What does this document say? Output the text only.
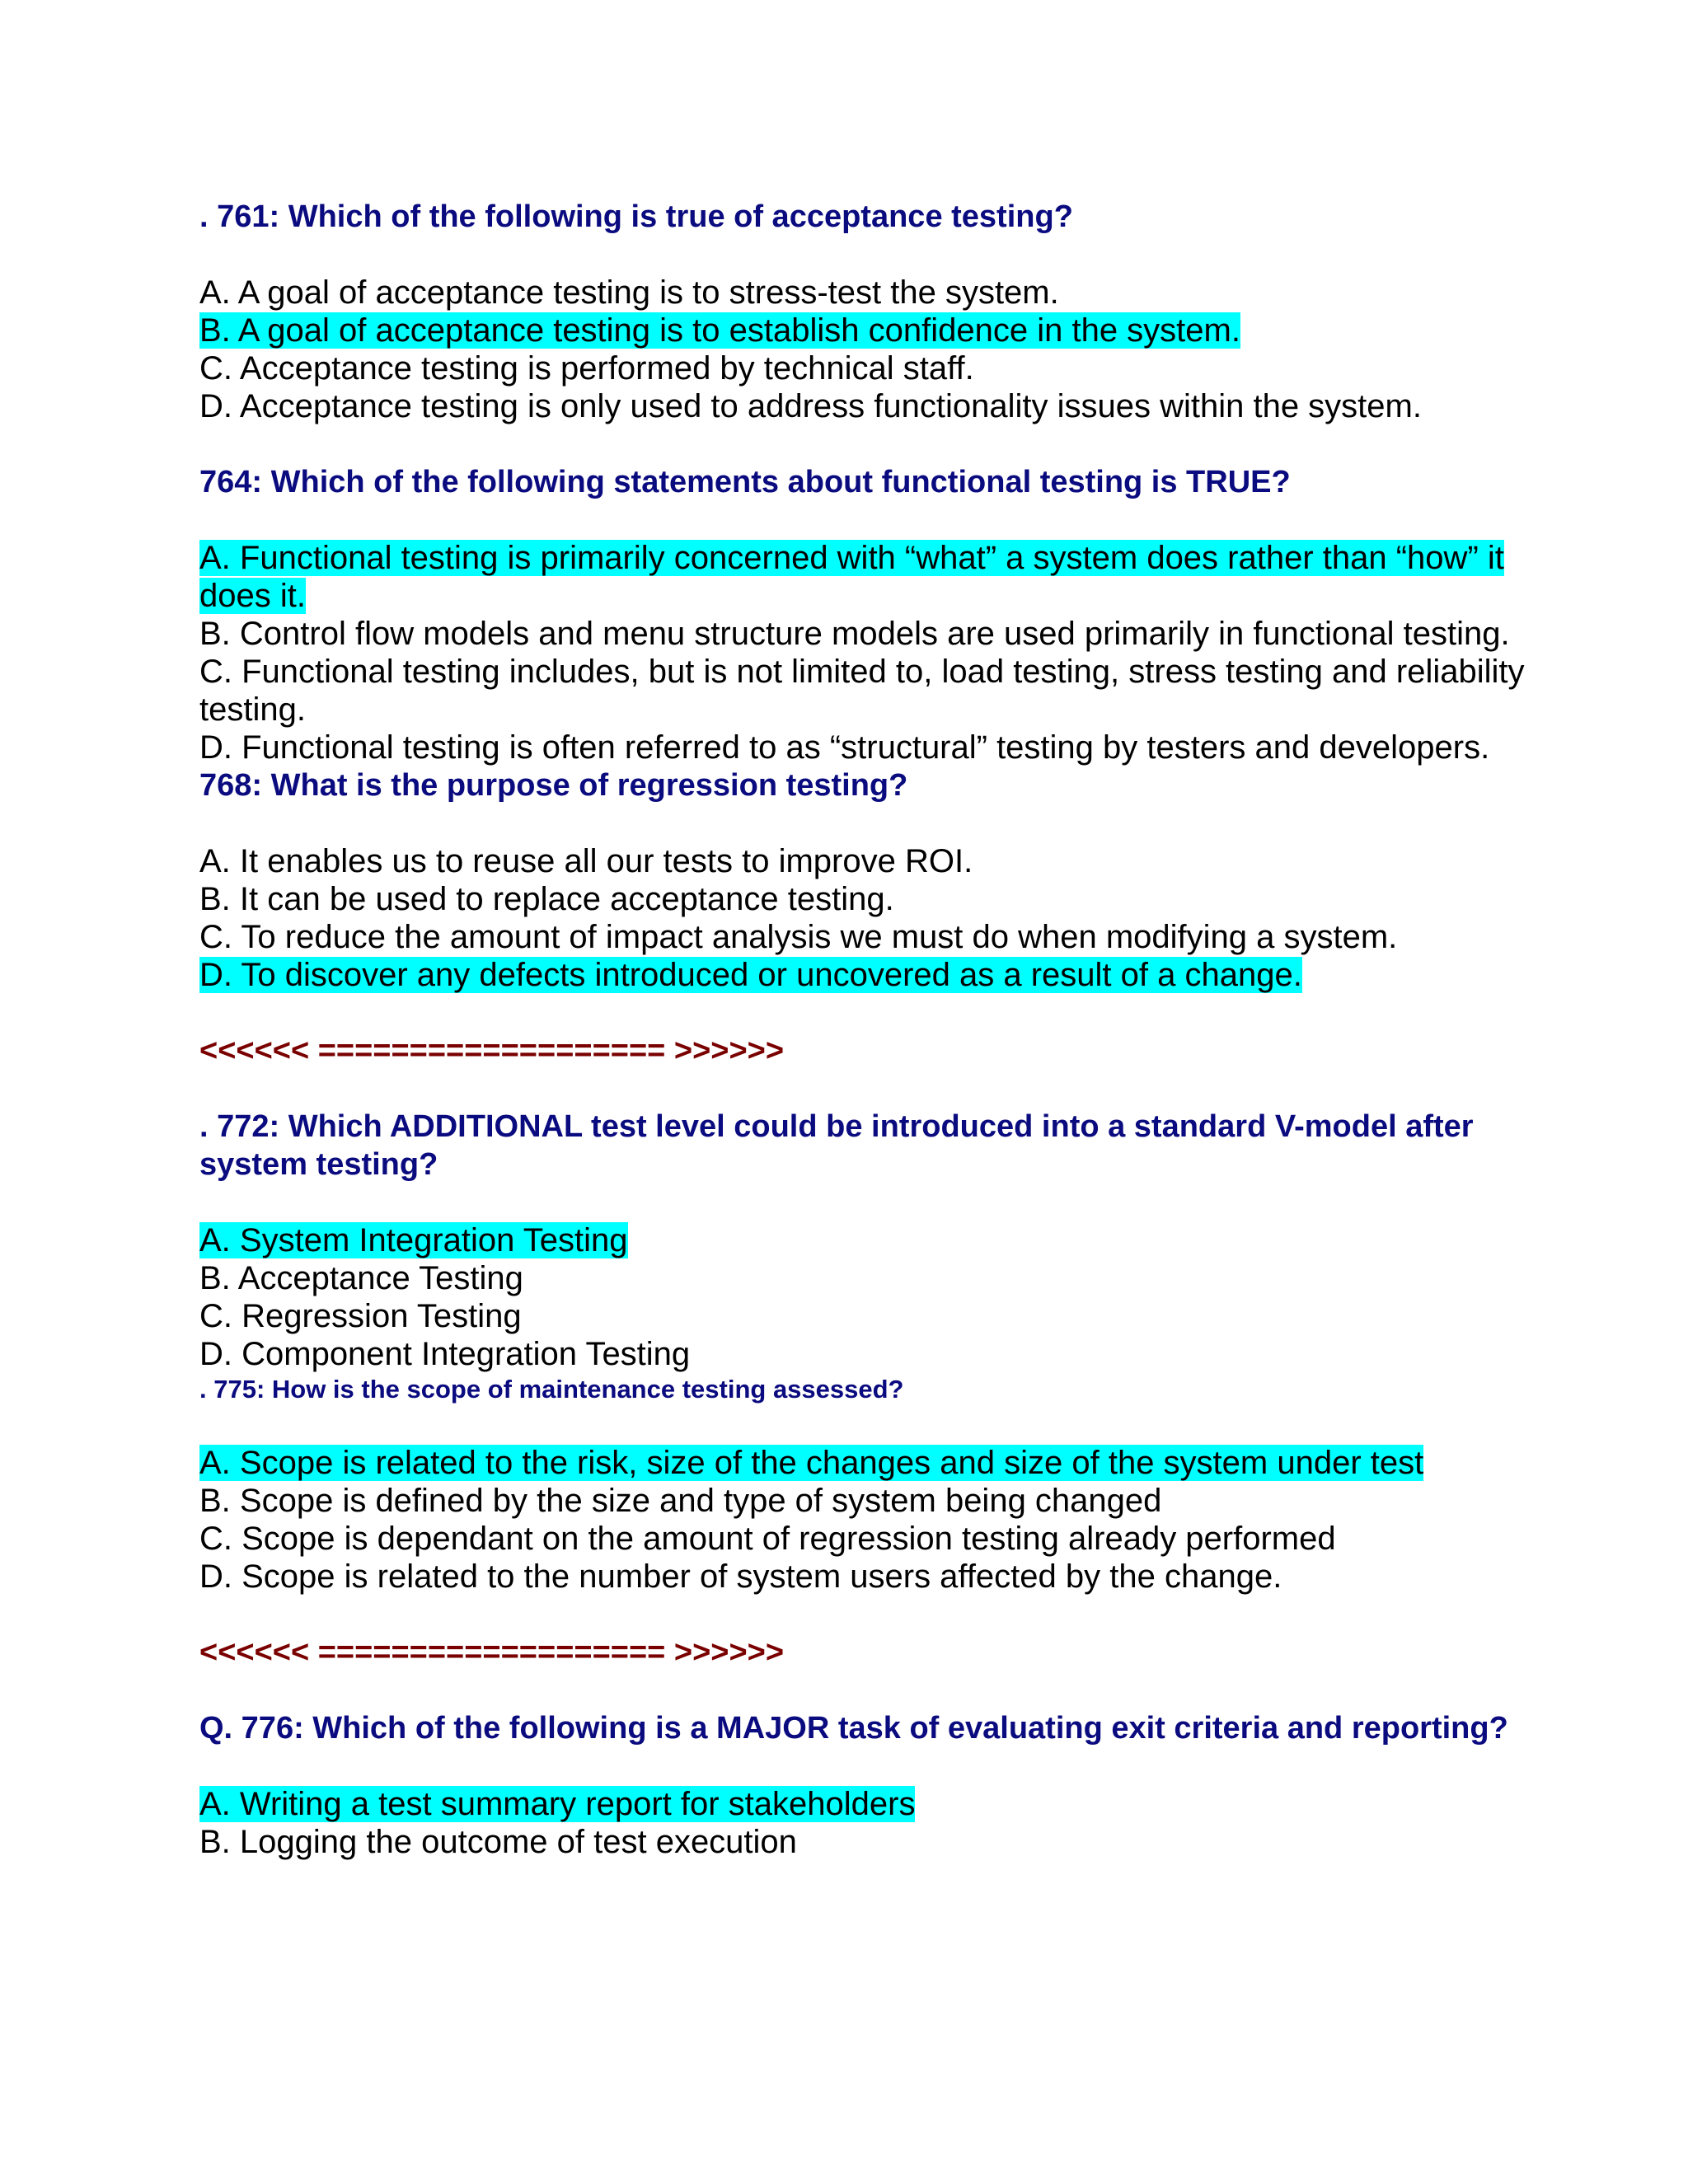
. 761: Which of the following is true of acceptance testing?

A. A goal of acceptance testing is to stress-test the system.

B. A goal of acceptance testing is to establish confidence in the system.

C. Acceptance testing is performed by technical staff.

D. Acceptance testing is only used to address functionality issues within the system.

764: Which of the following statements about functional testing is TRUE?

A. Functional testing is primarily concerned with “what” a system does rather than “how” it does it.

B. Control flow models and menu structure models are used primarily in functional testing.

C. Functional testing includes, but is not limited to, load testing, stress testing and reliability testing.

D. Functional testing is often referred to as “structural” testing by testers and developers.

768: What is the purpose of regression testing?

A. It enables us to reuse all our tests to improve ROI.

B. It can be used to replace acceptance testing.

C. To reduce the amount of impact analysis we must do when modifying a system.

D. To discover any defects introduced or uncovered as a result of a change.

<<<<<< =================== >>>>>>

. 772: Which ADDITIONAL test level could be introduced into a standard V-model after system testing?

A. System Integration Testing

B. Acceptance Testing

C. Regression Testing

D. Component Integration Testing

. 775: How is the scope of maintenance testing assessed?

A. Scope is related to the risk, size of the changes and size of the system under test

B. Scope is defined by the size and type of system being changed

C. Scope is dependant on the amount of regression testing already performed

D. Scope is related to the number of system users affected by the change.

<<<<<< =================== >>>>>>

Q. 776: Which of the following is a MAJOR task of evaluating exit criteria and reporting?

A. Writing a test summary report for stakeholders

B. Logging the outcome of test execution
